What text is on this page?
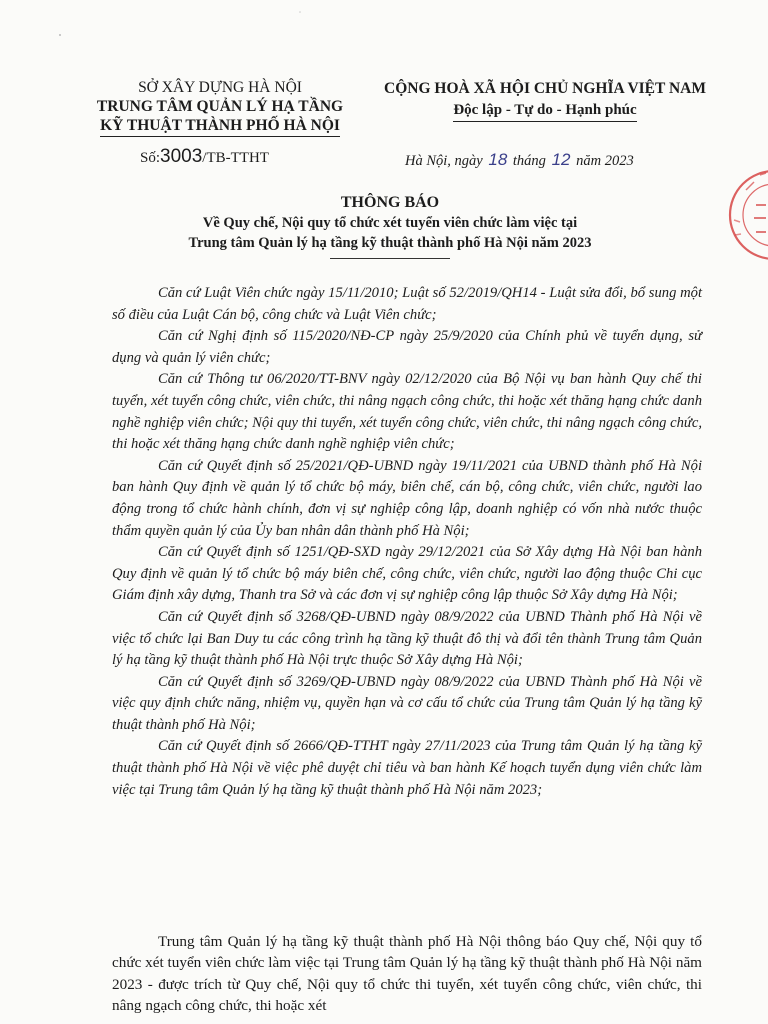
SỞ XÂY DỰNG HÀ NỘI
TRUNG TÂM QUẢN LÝ HẠ TẦNG
KỸ THUẬT THÀNH PHỐ HÀ NỘI
CỘNG HOÀ XÃ HỘI CHỦ NGHĨA VIỆT NAM
Độc lập - Tự do - Hạnh phúc
Số:3003/TB-TTHT	Hà Nội, ngày 18 tháng 12 năm 2023
THÔNG BÁO
Về Quy chế, Nội quy tổ chức xét tuyển viên chức làm việc tại
Trung tâm Quản lý hạ tầng kỹ thuật thành phố Hà Nội năm 2023

Căn cứ Luật Viên chức ngày 15/11/2010; Luật số 52/2019/QH14 - Luật sửa đổi, bổ sung một số điều của Luật Cán bộ, công chức và Luật Viên chức;

Căn cứ Nghị định số 115/2020/NĐ-CP ngày 25/9/2020 của Chính phủ về tuyển dụng, sử dụng và quản lý viên chức;

Căn cứ Thông tư 06/2020/TT-BNV ngày 02/12/2020 của Bộ Nội vụ ban hành Quy chế thi tuyển, xét tuyển công chức, viên chức, thi nâng ngạch công chức, thi hoặc xét thăng hạng chức danh nghề nghiệp viên chức; Nội quy thi tuyển, xét tuyển công chức, viên chức, thi nâng ngạch công chức, thi hoặc xét thăng hạng chức danh nghề nghiệp viên chức;

Căn cứ Quyết định số 25/2021/QĐ-UBND ngày 19/11/2021 của UBND thành phố Hà Nội ban hành Quy định về quản lý tổ chức bộ máy, biên chế, cán bộ, công chức, viên chức, người lao động trong tổ chức hành chính, đơn vị sự nghiệp công lập, doanh nghiệp có vốn nhà nước thuộc thẩm quyền quản lý của Ủy ban nhân dân thành phố Hà Nội;

Căn cứ Quyết định số 1251/QĐ-SXD ngày 29/12/2021 của Sở Xây dựng Hà Nội ban hành Quy định về quản lý tổ chức bộ máy biên chế, công chức, viên chức, người lao động thuộc Chi cục Giám định xây dựng, Thanh tra Sở và các đơn vị sự nghiệp công lập thuộc Sở Xây dựng Hà Nội;

Căn cứ Quyết định số 3268/QĐ-UBND ngày 08/9/2022 của UBND Thành phố Hà Nội về việc tổ chức lại Ban Duy tu các công trình hạ tầng kỹ thuật đô thị và đổi tên thành Trung tâm Quản lý hạ tầng kỹ thuật thành phố Hà Nội trực thuộc Sở Xây dựng Hà Nội;

Căn cứ Quyết định số 3269/QĐ-UBND ngày 08/9/2022 của UBND Thành phố Hà Nội về việc quy định chức năng, nhiệm vụ, quyền hạn và cơ cấu tổ chức của Trung tâm Quản lý hạ tầng kỹ thuật thành phố Hà Nội;

Căn cứ Quyết định số 2666/QĐ-TTHT ngày 27/11/2023 của Trung tâm Quản lý hạ tầng kỹ thuật thành phố Hà Nội về việc phê duyệt chỉ tiêu và ban hành Kế hoạch tuyển dụng viên chức làm việc tại Trung tâm Quản lý hạ tầng kỹ thuật thành phố Hà Nội năm 2023;

Trung tâm Quản lý hạ tầng kỹ thuật thành phố Hà Nội thông báo Quy chế, Nội quy tổ chức xét tuyển viên chức làm việc tại Trung tâm Quản lý hạ tầng kỹ thuật thành phố Hà Nội năm 2023 - được trích từ Quy chế, Nội quy tổ chức thi tuyển, xét tuyển công chức, viên chức, thi nâng ngạch công chức, thi hoặc xét
